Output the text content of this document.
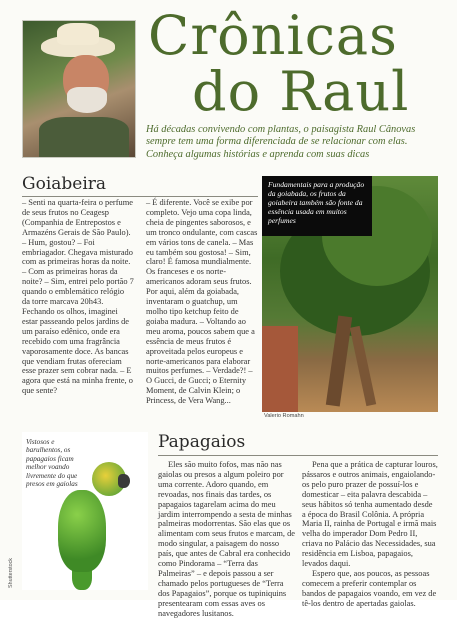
Crônicas
do Raul
Há décadas convivendo com plantas, o paisagista Raul Cânovas sempre tem uma forma diferenciada de se relacionar com elas. Conheça algumas histórias e aprenda com suas dicas
Goiabeira

– Senti na quarta-feira o perfume de seus frutos no Ceagesp (Companhia de Entrepostos e Armazéns Gerais de São Paulo). – Hum, gostou? – Foi embriagador. Chegava misturado com as primeiras horas da noite. – Com as primeiras horas da noite? – Sim, entrei pelo portão 7 quando o emblemático relógio da torre marcava 20h43. Fechando os olhos, imaginei estar passeando pelos jardins de um paraíso edênico, onde era recebido com uma fragrância vaporosamente doce. As bancas que vendiam frutas ofereciam esse prazer sem cobrar nada. – E agora que está na minha frente, o que sente?

– É diferente. Você se exibe por completo. Vejo uma copa linda, cheia de pingentes saborosos, e um tronco ondulante, com cascas em vários tons de canela. – Mas eu também sou gostosa! – Sim, claro! É famosa mundialmente. Os franceses e os norte-americanos adoram seus frutos. Por aqui, além da goiabada, inventaram o guatchup, um molho tipo ketchup feito de goiaba madura. – Voltando ao meu aroma, poucos sabem que a essência de meus frutos é aproveitada pelos europeus e norte-americanos para elaborar muitos perfumes. – Verdade?! – O Gucci, de Gucci; o Eternity Moment, de Calvin Klein; o Princess, de Vera Wang...

Fundamentais para a produção da goiabada, os frutos da goiabeira também são fonte da essência usada em muitos perfumes
Valerio Romahn
Vistosos e barulhentos, os papagaios ficam melhor voando livremente do que presos em gaiolas
Shutterstock
Papagaios

Eles são muito fofos, mas não nas gaiolas ou presos a algum poleiro por uma corrente. Adoro quando, em revoadas, nos finais das tardes, os papagaios tagarelam acima do meu jardim interrompendo a sesta de minhas palmeiras modorrentas. São elas que os alimentam com seus frutos e marcam, de modo singular, a paisagem do nosso país, que antes de Cabral era conhecido como Pindorama – “Terra das Palmeiras” – e depois passou a ser chamado pelos portugueses de “Terra dos Papagaios”, porque os tupiniquins presentearam com essas aves os navegadores lusitanos.

Pena que a prática de capturar louros, pássaros e outros animais, engaiolando-os pelo puro prazer de possuí-los e domesticar – eita palavra descabida – seus hábitos só tenha aumentado desde a época do Brasil Colônia. A própria Maria II, rainha de Portugal e irmã mais velha do imperador Dom Pedro II, criava no Palácio das Necessidades, sua residência em Lisboa, papagaios, levados daqui.

Espero que, aos poucos, as pessoas comecem a preferir contemplar os bandos de papagaios voando, em vez de tê-los dentro de apertadas gaiolas.
